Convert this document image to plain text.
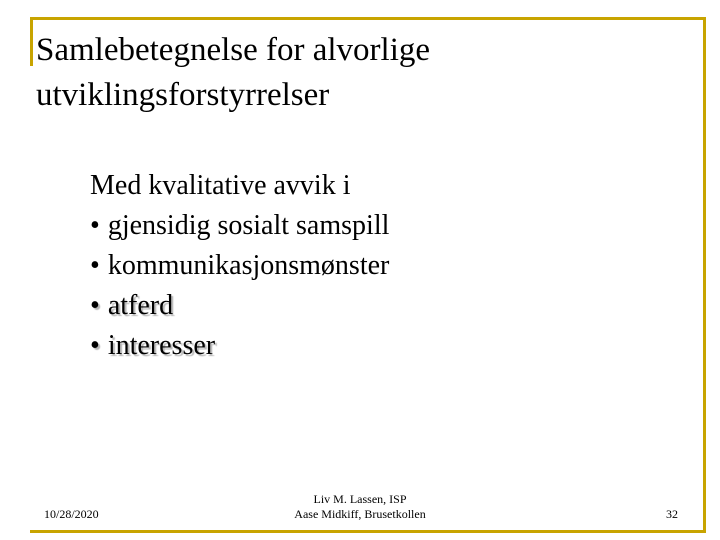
Samlebetegnelse for alvorlige
utviklingsforstyrrelser
Med kvalitative avvik i
• gjensidig sosialt samspill
• kommunikasjonsmønster
• atferd
• interesser
10/28/2020
Liv M. Lassen, ISP
Aase Midkiff, Brusetkollen	32
